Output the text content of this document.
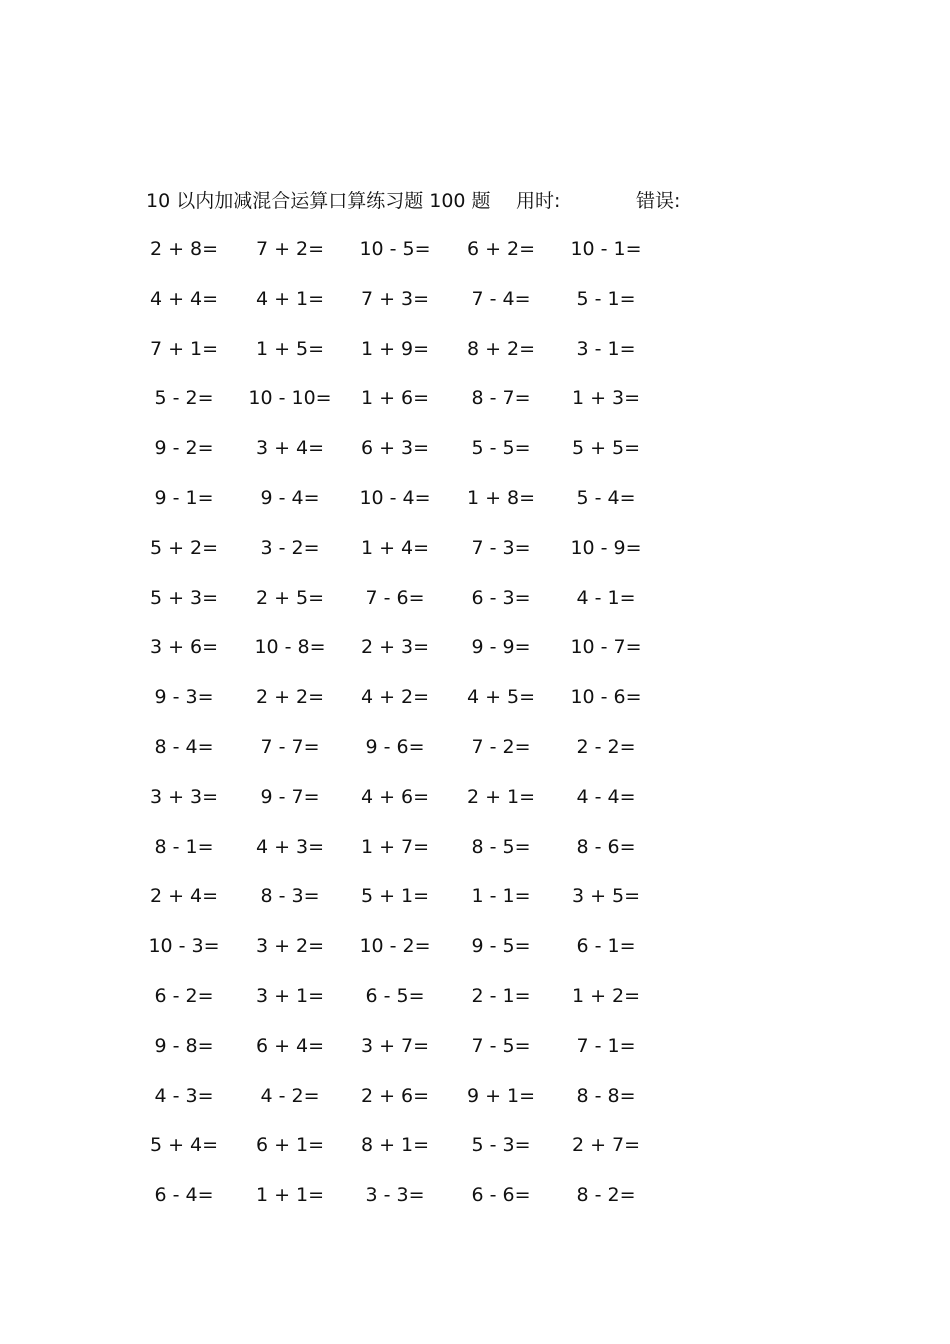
10 以内加减混合运算口算练习题 100 题 用时:	错误:
2 + 8=	7 + 2=	10 - 5=	6 + 2=	10 - 1=
4 + 4=	4 + 1=	7 + 3=	7 - 4=	5 - 1=
7 + 1=	1 + 5=	1 + 9=	8 + 2=	3 - 1=
5 - 2=	10 - 10=	1 + 6=	8 - 7=	1 + 3=
9 - 2=	3 + 4=	6 + 3=	5 - 5=	5 + 5=
9 - 1=	9 - 4=	10 - 4=	1 + 8=	5 - 4=
5 + 2=	3 - 2=	1 + 4=	7 - 3=	10 - 9=
5 + 3=	2 + 5=	7 - 6=	6 - 3=	4 - 1=
3 + 6=	10 - 8=	2 + 3=	9 - 9=	10 - 7=
9 - 3=	2 + 2=	4 + 2=	4 + 5=	10 - 6=
8 - 4=	7 - 7=	9 - 6=	7 - 2=	2 - 2=
3 + 3=	9 - 7=	4 + 6=	2 + 1=	4 - 4=
8 - 1=	4 + 3=	1 + 7=	8 - 5=	8 - 6=
2 + 4=	8 - 3=	5 + 1=	1 - 1=	3 + 5=
10 - 3=	3 + 2=	10 - 2=	9 - 5=	6 - 1=
6 - 2=	3 + 1=	6 - 5=	2 - 1=	1 + 2=
9 - 8=	6 + 4=	3 + 7=	7 - 5=	7 - 1=
4 - 3=	4 - 2=	2 + 6=	9 + 1=	8 - 8=
5 + 4=	6 + 1=	8 + 1=	5 - 3=	2 + 7=
6 - 4=	1 + 1=	3 - 3=	6 - 6=	8 - 2=
